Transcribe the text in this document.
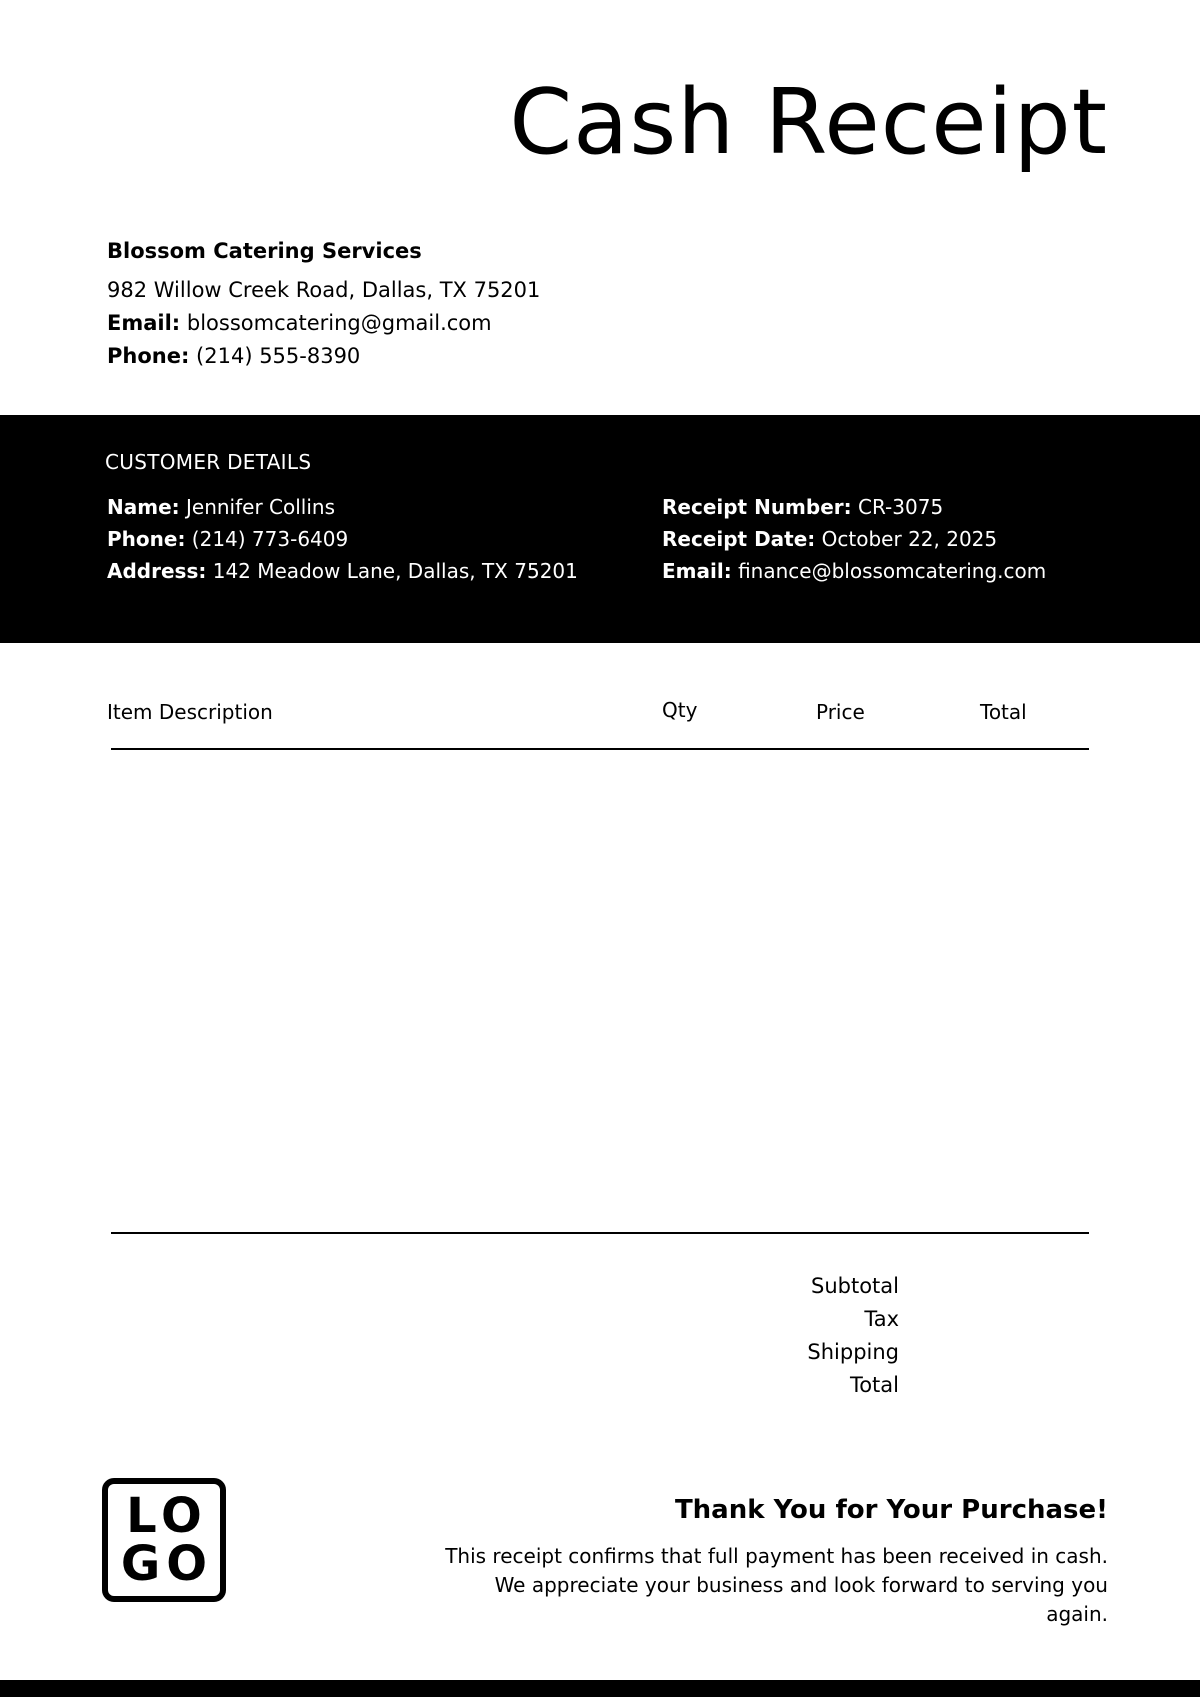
Cash Receipt
Blossom Catering Services
982 Willow Creek Road, Dallas, TX 75201
Email: blossomcatering@gmail.com
Phone: (214) 555-8390
CUSTOMER DETAILS
Name: Jennifer Collins
Phone: (214) 773-6409
Address: 142 Meadow Lane, Dallas, TX 75201
Receipt Number: CR-3075
Receipt Date: October 22, 2025
Email: finance@blossomcatering.com
Item Description	Qty	Price	Total
Subtotal
Tax
Shipping
Total
LO
GO
Thank You for Your Purchase!
This receipt confirms that full payment has been received in cash. We appreciate your business and look forward to serving you again.
